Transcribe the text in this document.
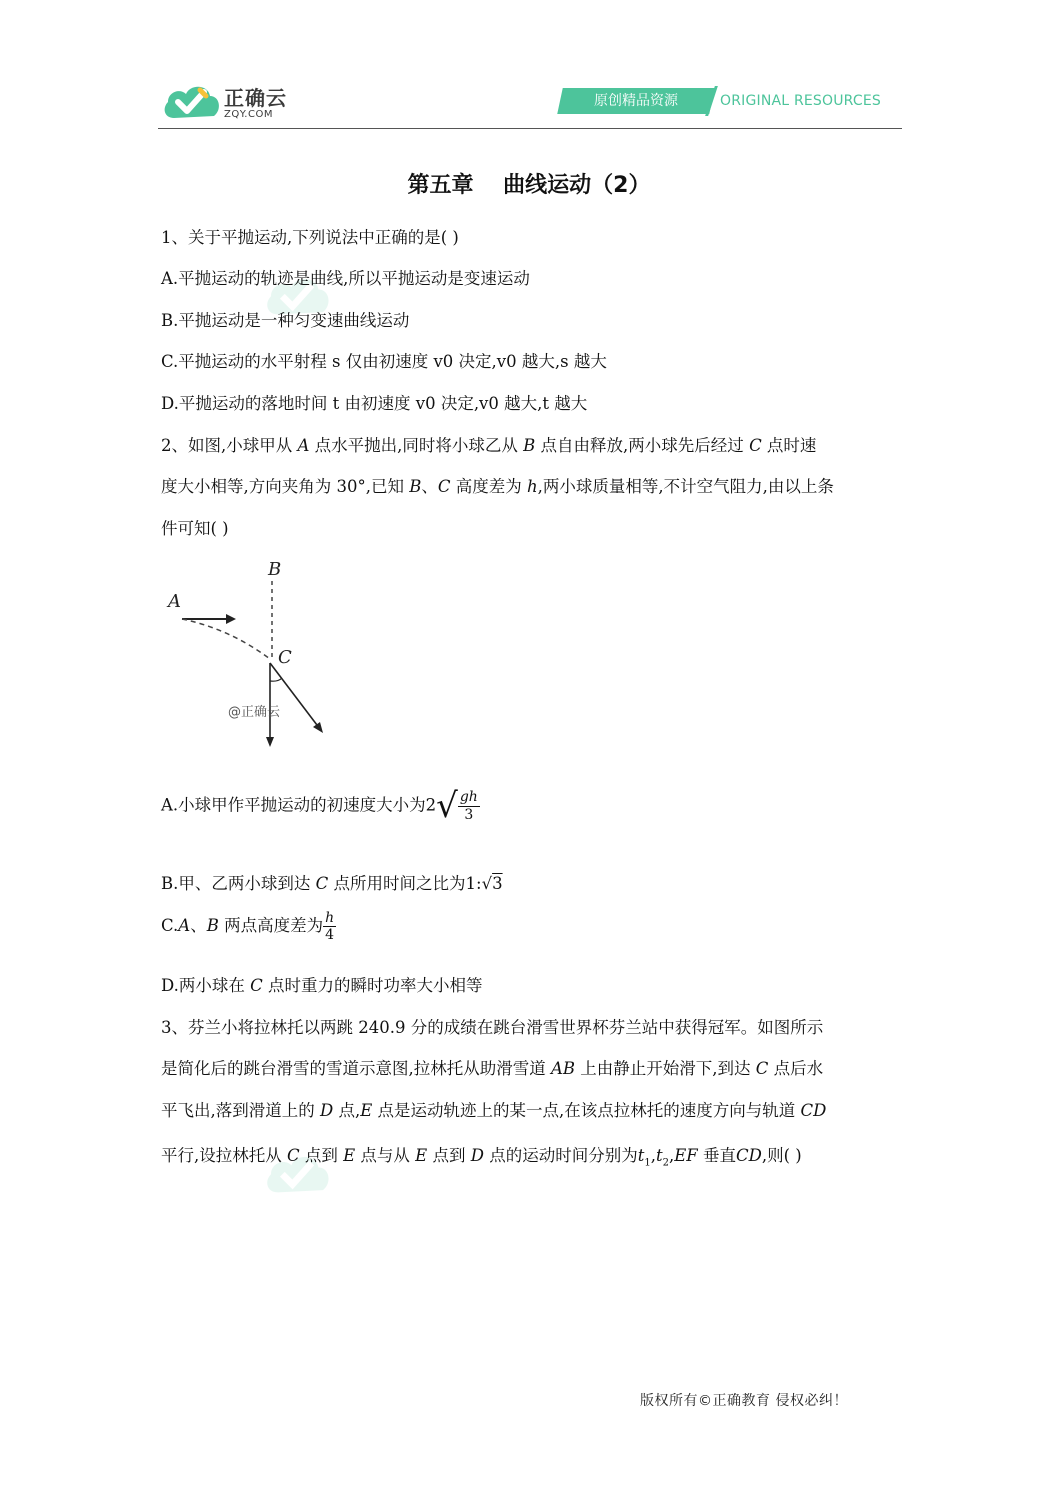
正确云
ZQY.COM
原创精品资源	ORIGINAL RESOURCES
第五章　 曲线运动（2）
1、关于平抛运动,下列说法中正确的是( )
A.平抛运动的轨迹是曲线,所以平抛运动是变速运动
B.平抛运动是一种匀变速曲线运动
C.平抛运动的水平射程 s 仅由初速度 v0 决定,v0 越大,s 越大
D.平抛运动的落地时间 t 由初速度 v0 决定,v0 越大,t 越大
2、如图,小球甲从 A 点水平抛出,同时将小球乙从 B 点自由释放,两小球先后经过 C 点时速
度大小相等,方向夹角为 30°,已知 B、C 高度差为 h,两小球质量相等,不计空气阻力,由以上条
件可知( )
A
B
C
@正确云
A.小球甲作平抛运动的初速度大小为$2√ \frac{gh}{3}$
B.甲、乙两小球到达 C 点所用时间之比为1:√3
C.A、B 两点高度差为 $\frac{h}{4}$
D.两小球在 C 点时重力的瞬时功率大小相等
3、芬兰小将拉林托以两跳 240.9 分的成绩在跳台滑雪世界杯芬兰站中获得冠军。如图所示
是简化后的跳台滑雪的雪道示意图,拉林托从助滑雪道 AB 上由静止开始滑下,到达 C 点后水
平飞出,落到滑道上的 D 点,E 点是运动轨迹上的某一点,在该点拉林托的速度方向与轨道 CD
平行,设拉林托从 C 点到 E 点与从 E 点到 D 点的运动时间分别为$t_1,t_2,EF$ 垂直CD,则( )
版权所有©正确教育 侵权必纠！
